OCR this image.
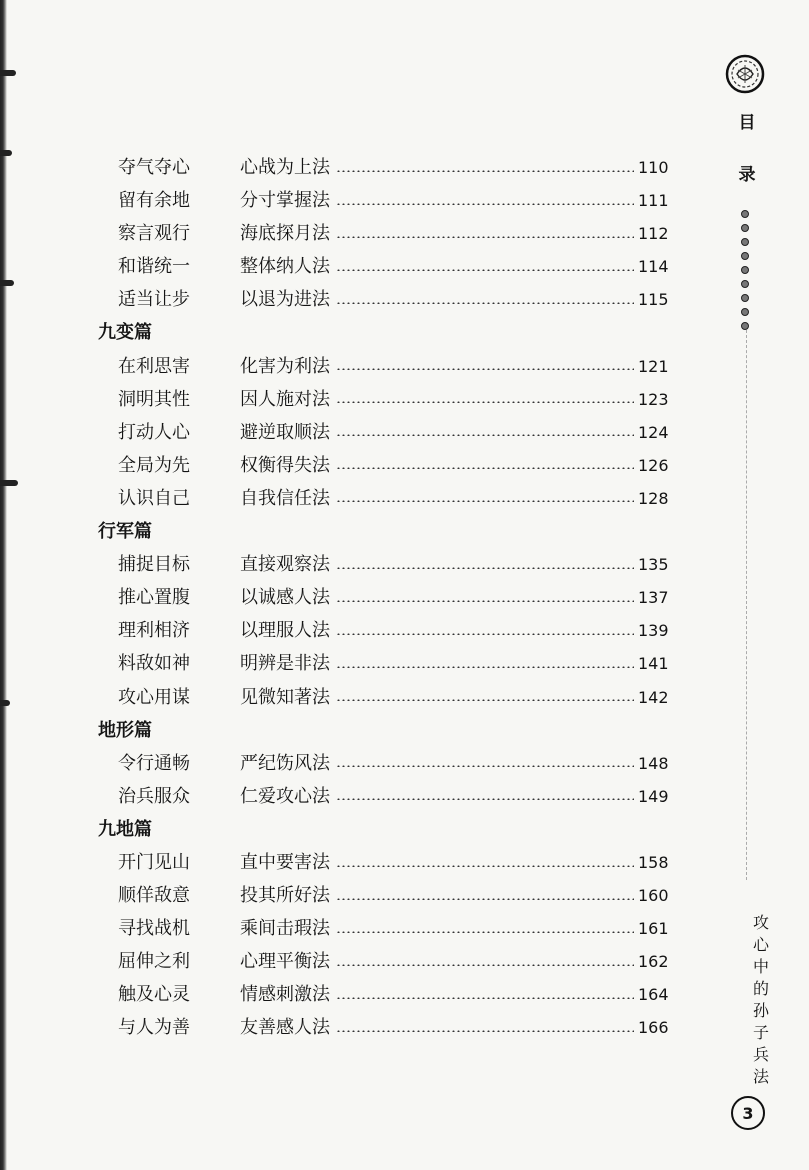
目
录
攻
心
中
的
孙
子
兵
法
3
夺气夺心	心战为上法	110
留有余地	分寸掌握法	111
察言观行	海底探月法	112
和谐统一	整体纳人法	114
适当让步	以退为进法	115
九变篇
在利思害	化害为利法	121
洞明其性	因人施对法	123
打动人心	避逆取顺法	124
全局为先	权衡得失法	126
认识自己	自我信任法	128
行军篇
捕捉目标	直接观察法	135
推心置腹	以诚感人法	137
理利相济	以理服人法	139
料敌如神	明辨是非法	141
攻心用谋	见微知著法	142
地形篇
令行通畅	严纪饬风法	148
治兵服众	仁爱攻心法	149
九地篇
开门见山	直中要害法	158
顺佯敌意	投其所好法	160
寻找战机	乘间击瑕法	161
屈伸之利	心理平衡法	162
触及心灵	情感刺激法	164
与人为善	友善感人法	166
